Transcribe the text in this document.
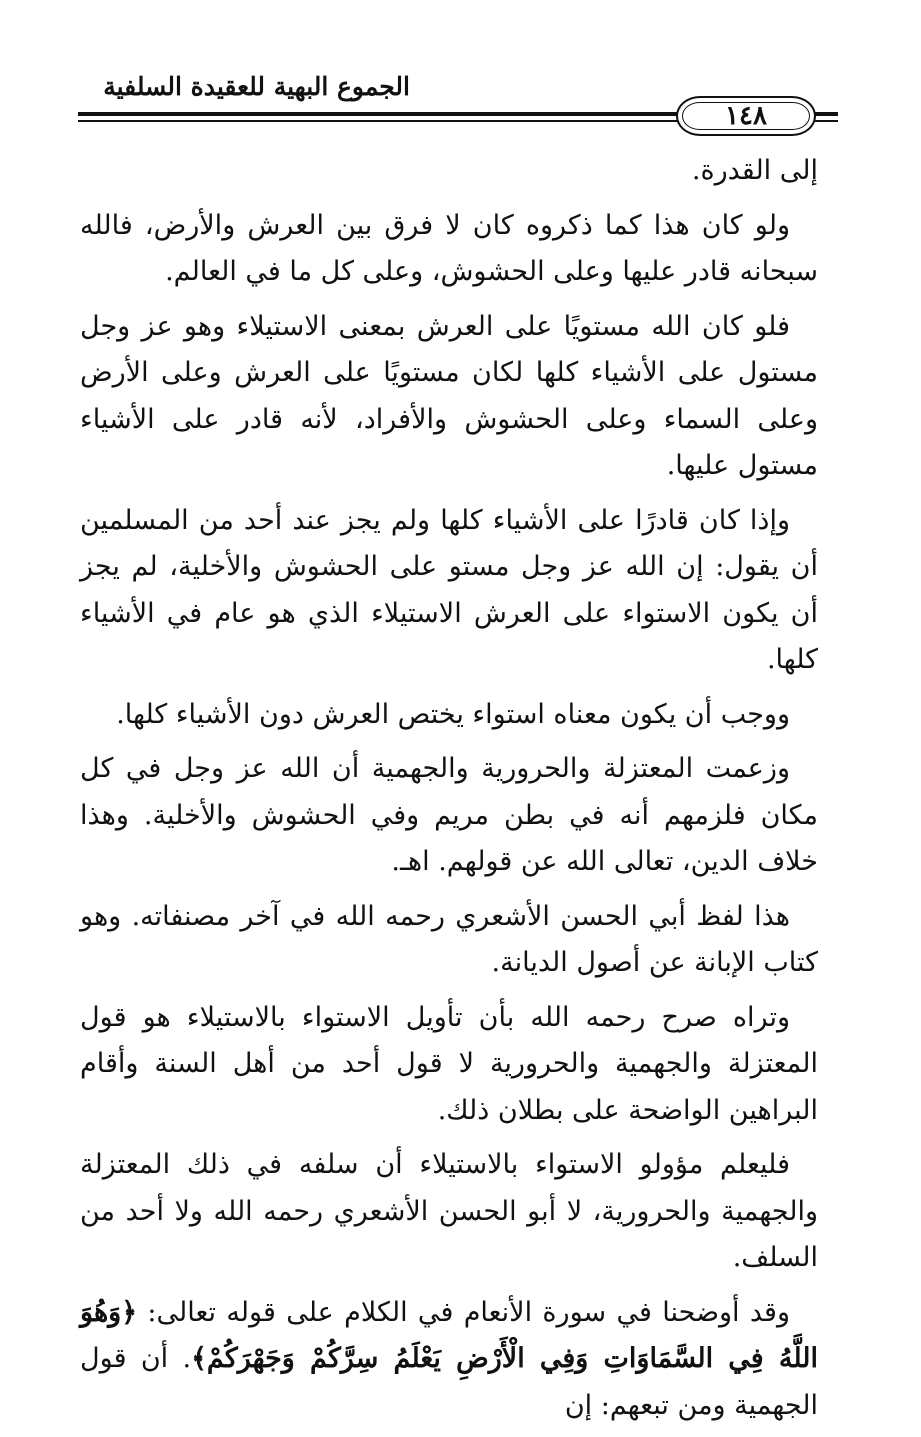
الجموع البهية للعقيدة السلفية
١٤٨

إلى القدرة.

ولو كان هذا كما ذكروه كان لا فرق بين العرش والأرض، فالله سبحانه قادر عليها وعلى الحشوش، وعلى كل ما في العالم.

فلو كان الله مستويًا على العرش بمعنى الاستيلاء وهو عز وجل مستول على الأشياء كلها لكان مستويًا على العرش وعلى الأرض وعلى السماء وعلى الحشوش والأفراد، لأنه قادر على الأشياء مستول عليها.

وإذا كان قادرًا على الأشياء كلها ولم يجز عند أحد من المسلمين أن يقول: إن الله عز وجل مستو على الحشوش والأخلية، لم يجز أن يكون الاستواء على العرش الاستيلاء الذي هو عام في الأشياء كلها.

ووجب أن يكون معناه استواء يختص العرش دون الأشياء كلها.

وزعمت المعتزلة والحرورية والجهمية أن الله عز وجل في كل مكان فلزمهم أنه في بطن مريم وفي الحشوش والأخلية. وهذا خلاف الدين، تعالى الله عن قولهم. اهـ.

هذا لفظ أبي الحسن الأشعري رحمه الله في آخر مصنفاته. وهو كتاب الإبانة عن أصول الديانة.

وتراه صرح رحمه الله بأن تأويل الاستواء بالاستيلاء هو قول المعتزلة والجهمية والحرورية لا قول أحد من أهل السنة وأقام البراهين الواضحة على بطلان ذلك.

فليعلم مؤولو الاستواء بالاستيلاء أن سلفه في ذلك المعتزلة والجهمية والحرورية، لا أبو الحسن الأشعري رحمه الله ولا أحد من السلف.

وقد أوضحنا في سورة الأنعام في الكلام على قوله تعالى: ﴿وَهُوَ اللَّهُ فِي السَّمَاوَاتِ وَفِي الْأَرْضِ يَعْلَمُ سِرَّكُمْ وَجَهْرَكُمْ﴾. أن قول الجهمية ومن تبعهم: إن
